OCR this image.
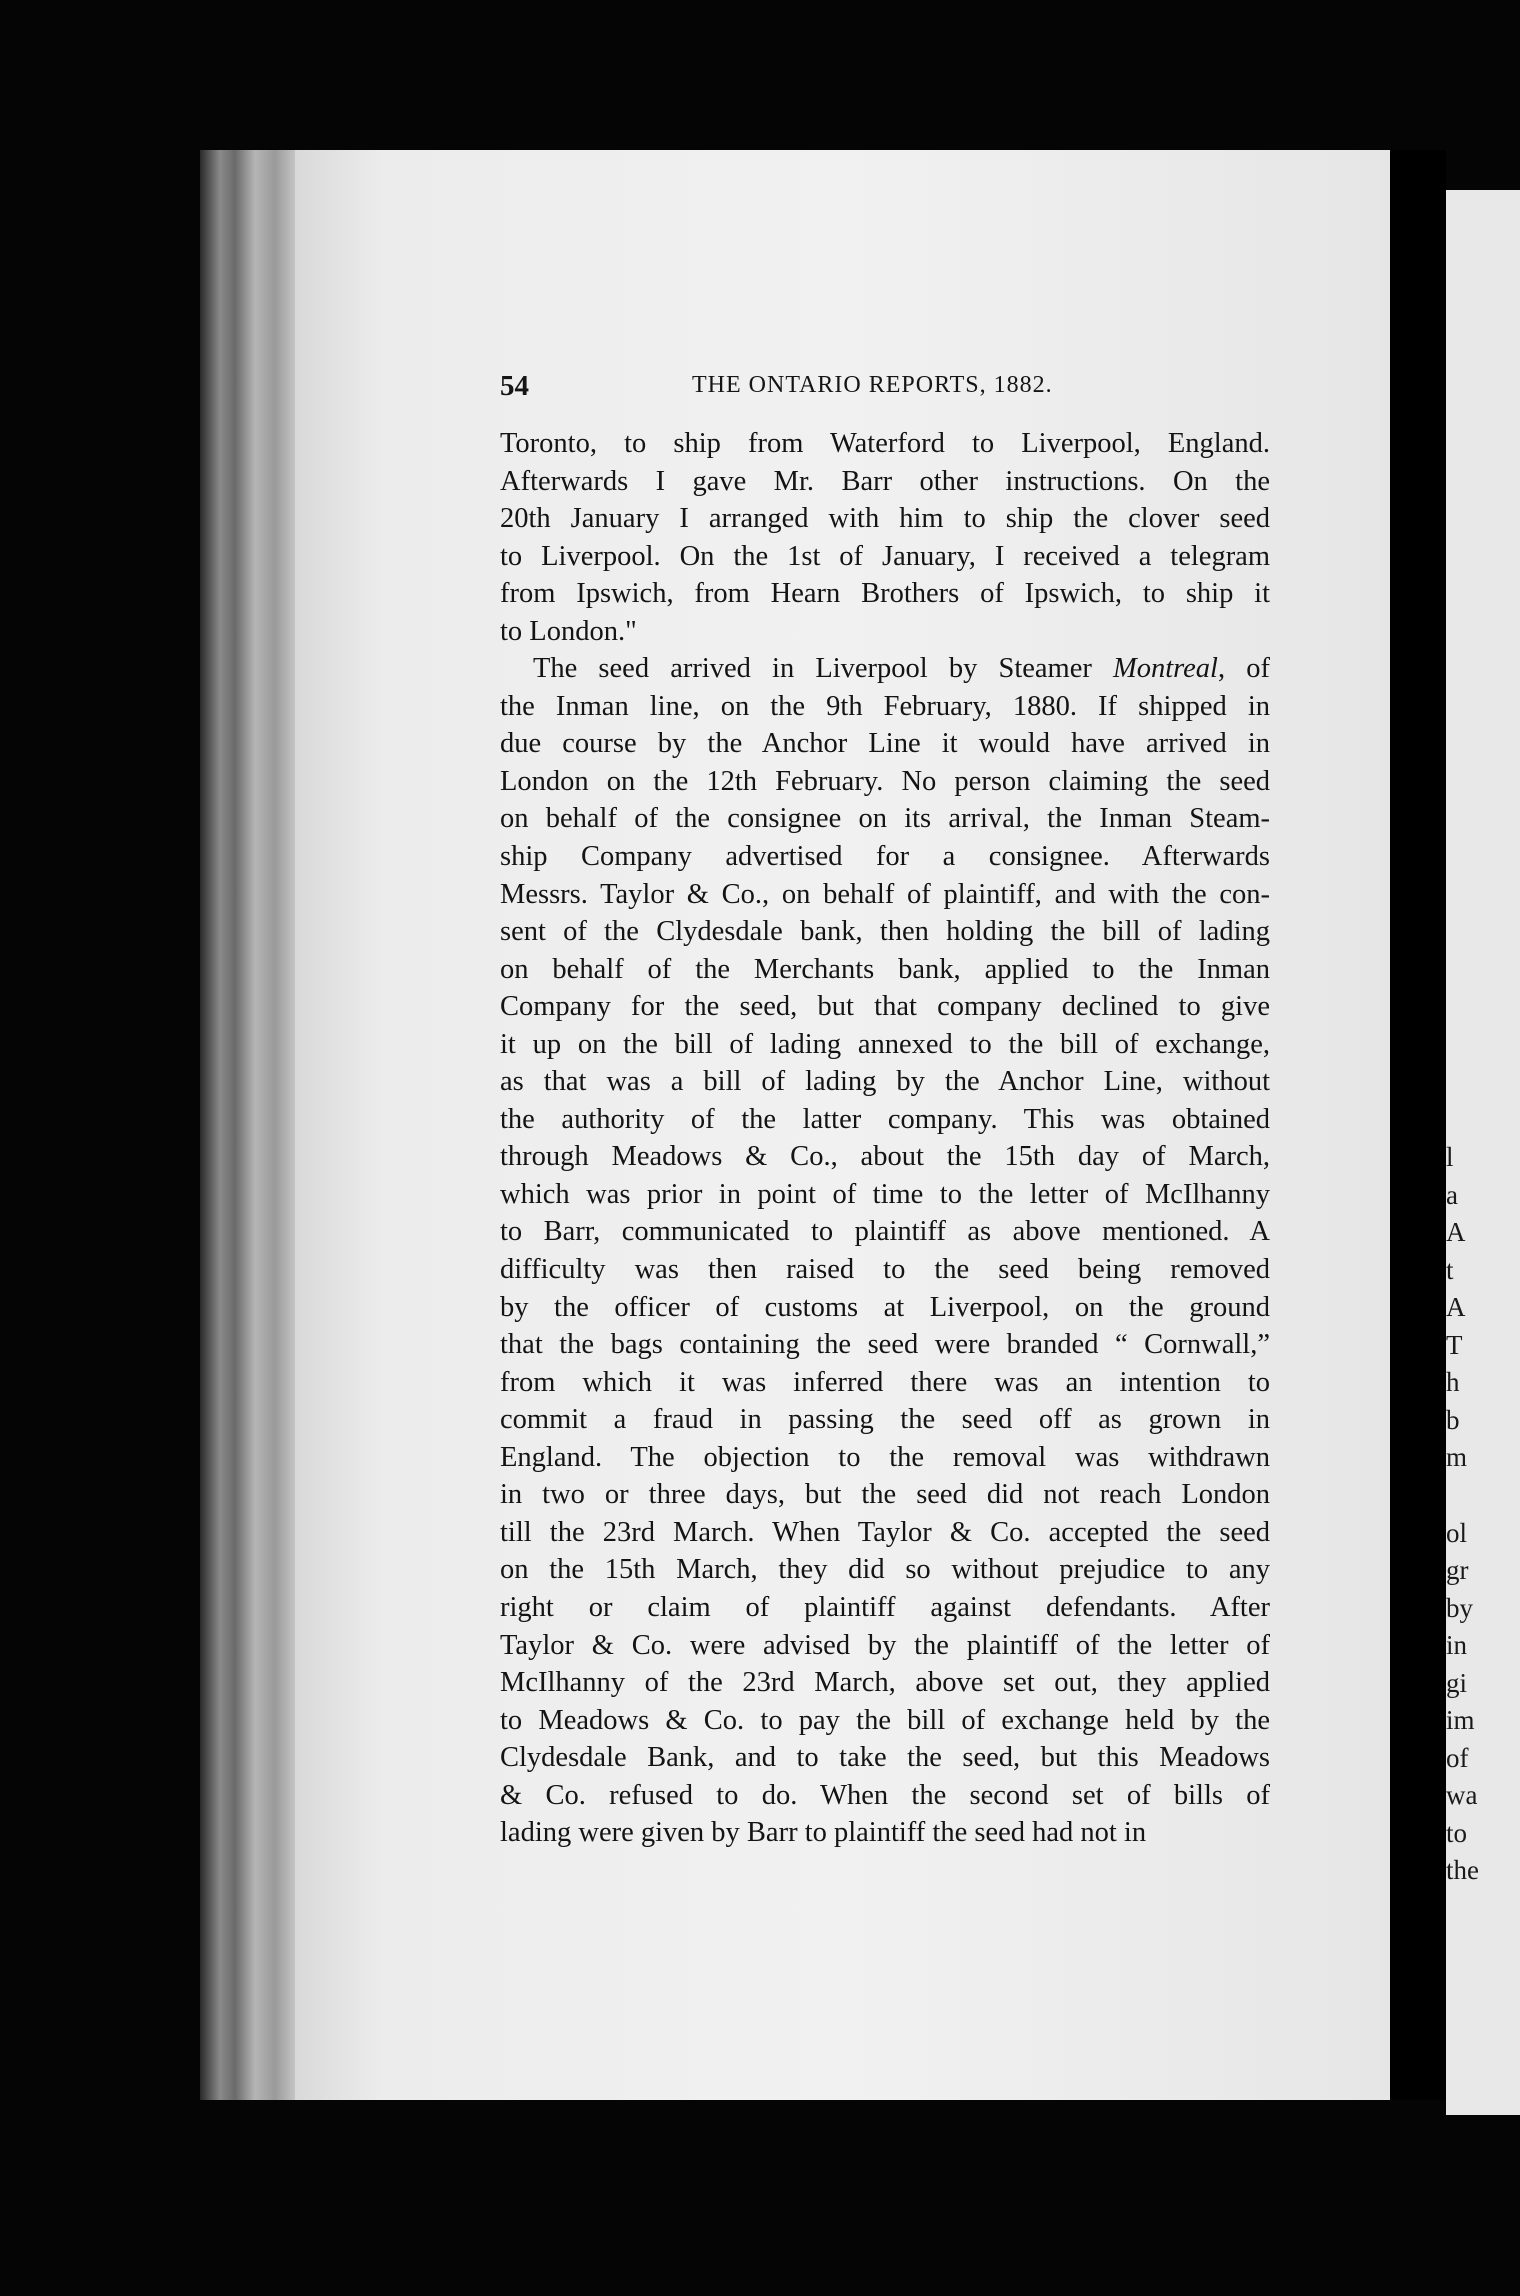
l
a
A
t
A
T
h
b
m
ol
gr
by
in
gi
im
of
wa
to
the
54	THE ONTARIO REPORTS, 1882.
Toronto, to ship from Waterford to Liverpool, England.
Afterwards I gave Mr. Barr other instructions. On the
20th January I arranged with him to ship the clover seed
to Liverpool. On the 1st of January, I received a telegram
from Ipswich, from Hearn Brothers of Ipswich, to ship it
to London."
The seed arrived in Liverpool by Steamer Montreal, of
the Inman line, on the 9th February, 1880. If shipped in
due course by the Anchor Line it would have arrived in
London on the 12th February. No person claiming the seed
on behalf of the consignee on its arrival, the Inman Steam-
ship Company advertised for a consignee. Afterwards
Messrs. Taylor & Co., on behalf of plaintiff, and with the con-
sent of the Clydesdale bank, then holding the bill of lading
on behalf of the Merchants bank, applied to the Inman
Company for the seed, but that company declined to give
it up on the bill of lading annexed to the bill of exchange,
as that was a bill of lading by the Anchor Line, without
the authority of the latter company. This was obtained
through Meadows & Co., about the 15th day of March,
which was prior in point of time to the letter of McIlhanny
to Barr, communicated to plaintiff as above mentioned. A
difficulty was then raised to the seed being removed
by the officer of customs at Liverpool, on the ground
that the bags containing the seed were branded “ Cornwall,”
from which it was inferred there was an intention to
commit a fraud in passing the seed off as grown in
England. The objection to the removal was withdrawn
in two or three days, but the seed did not reach London
till the 23rd March. When Taylor & Co. accepted the seed
on the 15th March, they did so without prejudice to any
right or claim of plaintiff against defendants. After
Taylor & Co. were advised by the plaintiff of the letter of
McIlhanny of the 23rd March, above set out, they applied
to Meadows & Co. to pay the bill of exchange held by the
Clydesdale Bank, and to take the seed, but this Meadows
& Co. refused to do. When the second set of bills of
lading were given by Barr to plaintiff the seed had not in
